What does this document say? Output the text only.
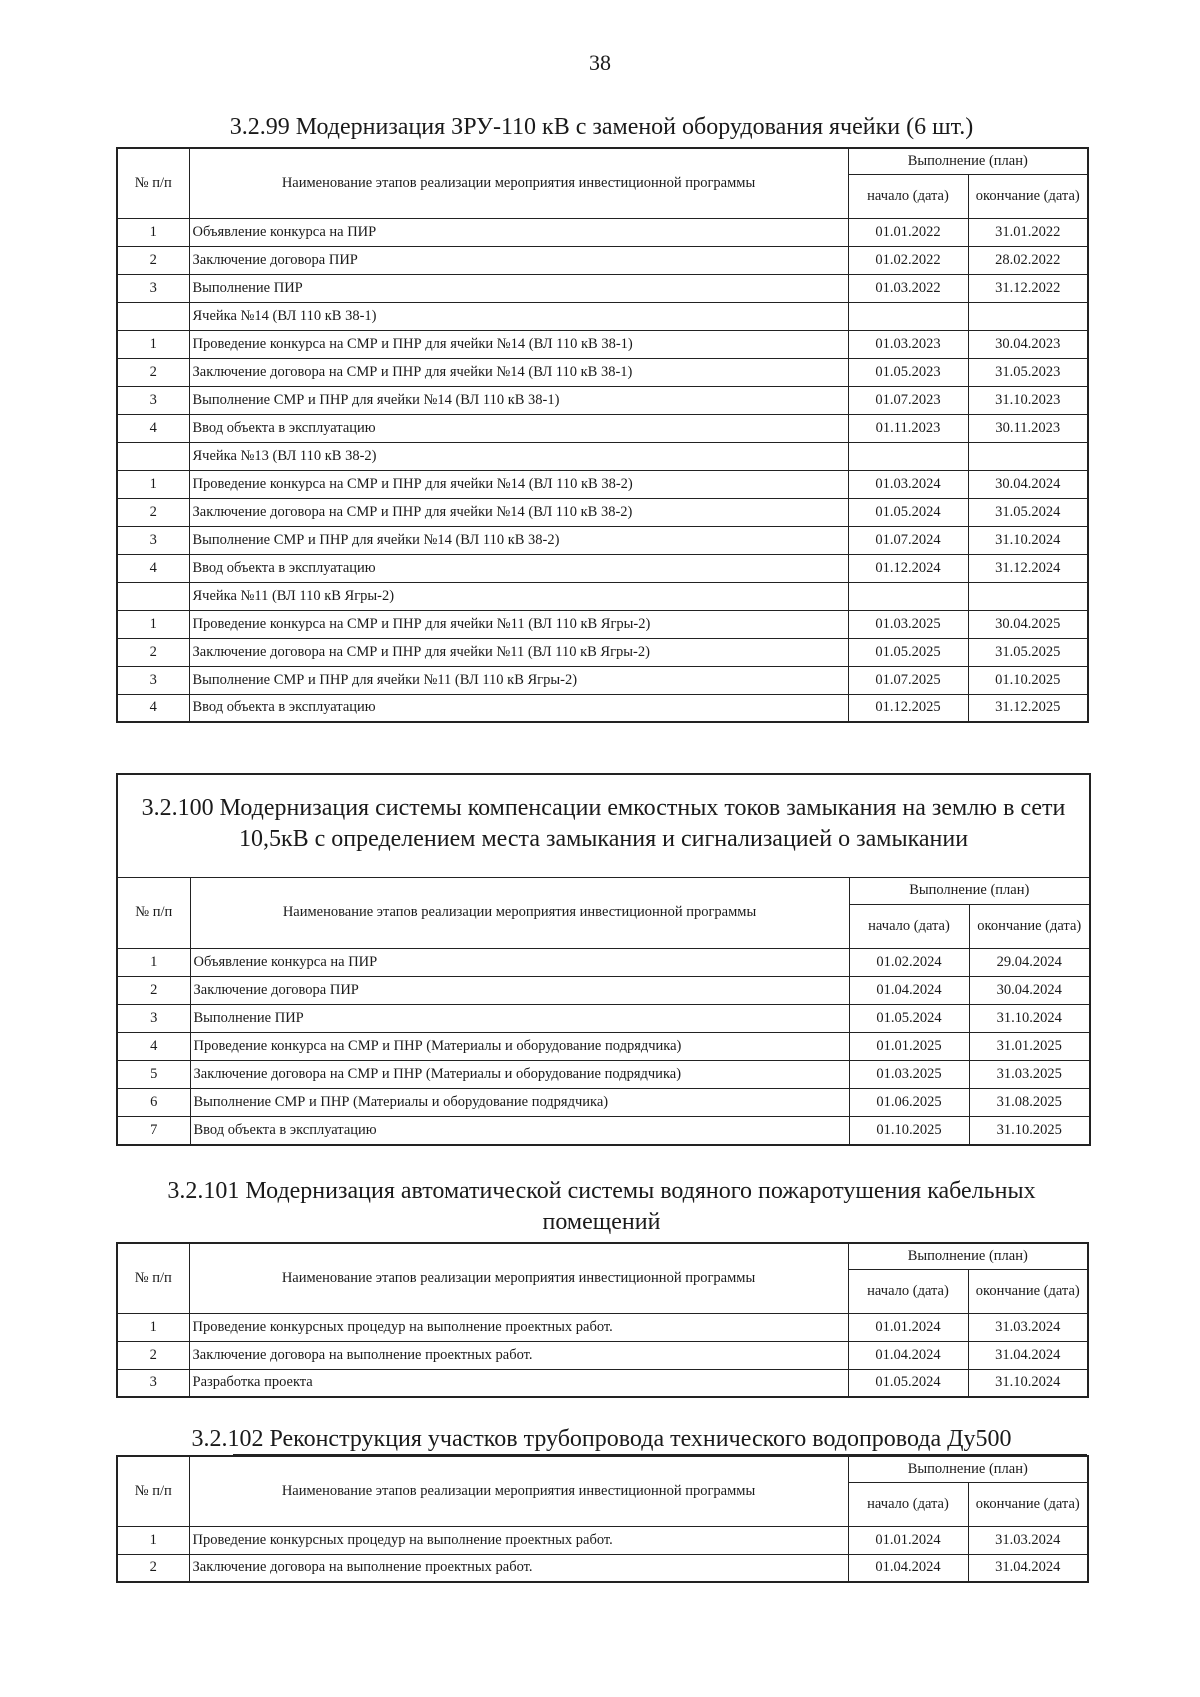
38
3.2.99 Модернизация ЗРУ-110 кВ с заменой оборудования ячейки (6 шт.)
№ п/п	Наименование этапов реализации мероприятия инвестиционной программы	Выполнение (план)	
		начало (дата)	окончание (дата)
1	Объявление конкурса на ПИР	01.01.2022	31.01.2022
2	Заключение договора ПИР	01.02.2022	28.02.2022
3	Выполнение ПИР	01.03.2022	31.12.2022
	Ячейка №14 (ВЛ 110 кВ 38-1)		
1	Проведение конкурса на СМР и ПНР для ячейки №14 (ВЛ 110 кВ 38-1)	01.03.2023	30.04.2023
2	Заключение договора на СМР и ПНР для ячейки №14 (ВЛ 110 кВ 38-1)	01.05.2023	31.05.2023
3	Выполнение СМР и ПНР для ячейки №14 (ВЛ 110 кВ 38-1)	01.07.2023	31.10.2023
4	Ввод объекта в эксплуатацию	01.11.2023	30.11.2023
	Ячейка №13 (ВЛ 110 кВ 38-2)		
1	Проведение конкурса на СМР и ПНР для ячейки №14 (ВЛ 110 кВ 38-2)	01.03.2024	30.04.2024
2	Заключение договора на СМР и ПНР для ячейки №14 (ВЛ 110 кВ 38-2)	01.05.2024	31.05.2024
3	Выполнение СМР и ПНР для ячейки №14 (ВЛ 110 кВ 38-2)	01.07.2024	31.10.2024
4	Ввод объекта в эксплуатацию	01.12.2024	31.12.2024
	Ячейка №11 (ВЛ 110 кВ Ягры-2)		
1	Проведение конкурса на СМР и ПНР для ячейки №11 (ВЛ 110 кВ Ягры-2)	01.03.2025	30.04.2025
2	Заключение договора на СМР и ПНР для ячейки №11 (ВЛ 110 кВ Ягры-2)	01.05.2025	31.05.2025
3	Выполнение СМР и ПНР для ячейки №11 (ВЛ 110 кВ Ягры-2)	01.07.2025	01.10.2025
4	Ввод объекта в эксплуатацию	01.12.2025	31.12.2025
3.2.100 Модернизация системы компенсации емкостных токов замыкания на землю в сети 10,5кВ с определением места замыкания и сигнализацией о замыкании
№ п/п	Наименование этапов реализации мероприятия инвестиционной программы	Выполнение (план)	
		начало (дата)	окончание (дата)
1	Объявление конкурса на ПИР	01.02.2024	29.04.2024
2	Заключение договора ПИР	01.04.2024	30.04.2024
3	Выполнение ПИР	01.05.2024	31.10.2024
4	Проведение конкурса на СМР и ПНР (Материалы и оборудование подрядчика)	01.01.2025	31.01.2025
5	Заключение договора на СМР и ПНР (Материалы и оборудование подрядчика)	01.03.2025	31.03.2025
6	Выполнение СМР и ПНР (Материалы и оборудование подрядчика)	01.06.2025	31.08.2025
7	Ввод объекта в эксплуатацию	01.10.2025	31.10.2025
3.2.101 Модернизация автоматической системы водяного пожаротушения кабельных помещений
№ п/п	Наименование этапов реализации мероприятия инвестиционной программы	Выполнение (план)	
		начало (дата)	окончание (дата)
1	Проведение конкурсных процедур на выполнение проектных работ.	01.01.2024	31.03.2024
2	Заключение договора на выполнение проектных работ.	01.04.2024	31.04.2024
3	Разработка проекта	01.05.2024	31.10.2024
3.2.102 Реконструкция участков трубопровода технического водопровода Ду500
№ п/п	Наименование этапов реализации мероприятия инвестиционной программы	Выполнение (план)	
		начало (дата)	окончание (дата)
1	Проведение конкурсных процедур на выполнение проектных работ.	01.01.2024	31.03.2024
2	Заключение договора на выполнение проектных работ.	01.04.2024	31.04.2024
